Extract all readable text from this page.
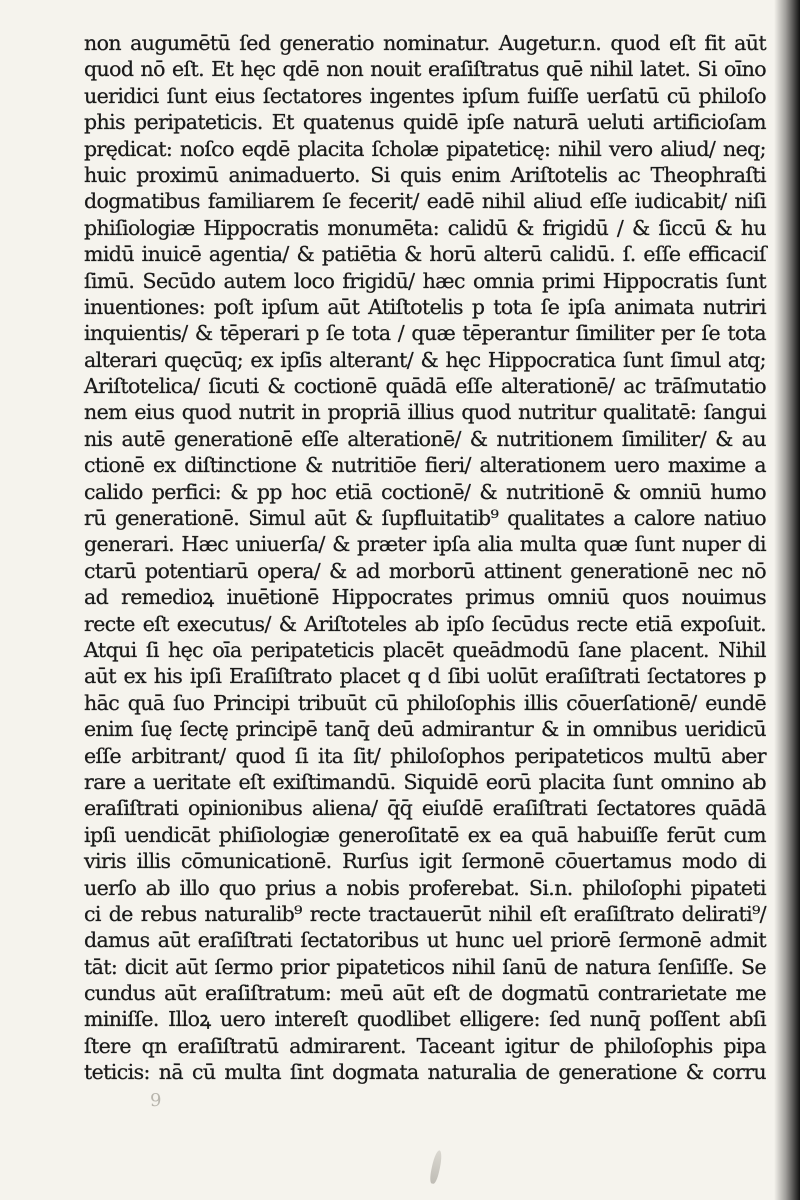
non augumētū ſed generatio nominatur. Augetur.n. quod eſt fit aūt
quod nō eſt. Et hęc qdē non nouit eraſiſtratus quē nihil latet. Si oīno
ueridici ſunt eius ſectatores ingentes ipſum fuiſſe uerſatū cū philoſo
phis peripateticis. Et quatenus quidē ipſe naturā ueluti artificioſam
prędicat: noſco eqdē placita ſcholæ pipateticę: nihil vero aliud/ neq;
huic proximū animaduerto. Si quis enim Ariſtotelis ac Theophraſti
dogmatibus familiarem ſe fecerit/ eadē nihil aliud eſſe iudicabit/ niſi
phiſiologiæ Hippocratis monumēta: calidū & frigidū / & ſiccū & hu
midū inuicē agentia/ & patiētia & horū alterū calidū. ſ. eſſe efficaciſ
ſimū. Secūdo autem loco frigidū/ hæc omnia primi Hippocratis ſunt
inuentiones: poſt ipſum aūt Atiſtotelis p tota ſe ipſa animata nutriri
inquientis/ & tēperari p ſe tota / quæ tēperantur ſimiliter per ſe tota
alterari quęcūq; ex ipſis alterant/ & hęc Hippocratica ſunt ſimul atq;
Ariſtotelica/ ſicuti & coctionē quādā eſſe alterationē/ ac trāſmutatio
nem eius quod nutrit in propriā illius quod nutritur qualitatē: ſangui
nis autē generationē eſſe alterationē/ & nutritionem ſimiliter/ & au
ctionē ex diſtinctione & nutritiōe fieri/ alterationem uero maxime a
calido perfici: & pp hoc etiā coctionē/ & nutritionē & omniū humo
rū generationē. Simul aūt & ſupfluitatib⁹ qualitates a calore natiuo
generari. Hæc uniuerſa/ & præter ipſa alia multa quæ ſunt nuper di
ctarū potentiarū opera/ & ad morborū attinent generationē nec nō
ad remedioꝝ inuētionē Hippocrates primus omniū quos nouimus
recte eſt executus/ & Ariſtoteles ab ipſo ſecūdus recte etiā expoſuit.
Atqui ſi hęc oīa peripateticis placēt queādmodū ſane placent. Nihil
aūt ex his ipſi Eraſiſtrato placet q d ſibi uolūt eraſiſtrati ſectatores p
hāc quā ſuo Principi tribuūt cū philoſophis illis cōuerſationē/ eundē
enim ſuę ſectę principē tanq̄ deū admirantur & in omnibus ueridicū
eſſe arbitrant/ quod ſi ita ſit/ philoſophos peripateticos multū aber
rare a ueritate eſt exiſtimandū. Siquidē eorū placita ſunt omnino ab
eraſiſtrati opinionibus aliena/ q̄q̄ eiuſdē eraſiſtrati ſectatores quādā
ipſi uendicāt phiſiologiæ generoſitatē ex ea quā habuiſſe ferūt cum
viris illis cōmunicationē. Rurſus igit ſermonē cōuertamus modo di
uerſo ab illo quo prius a nobis proferebat. Si.n. philoſophi pipateti
ci de rebus naturalib⁹ recte tractauerūt nihil eſt eraſiſtrato delirati⁹/
damus aūt eraſiſtrati ſectatoribus ut hunc uel priorē ſermonē admit
tāt: dicit aūt ſermo prior pipateticos nihil ſanū de natura ſenſiſſe. Se
cundus aūt eraſiſtratum: meū aūt eſt de dogmatū contrarietate me
miniſſe. Illoꝝ uero intereſt quodlibet elligere: ſed nunq̄ poſſent abſi
ſtere qn eraſiſtratū admirarent. Taceant igitur de philoſophis pipa
teticis: nā cū multa ſint dogmata naturalia de generatione & corru
9
